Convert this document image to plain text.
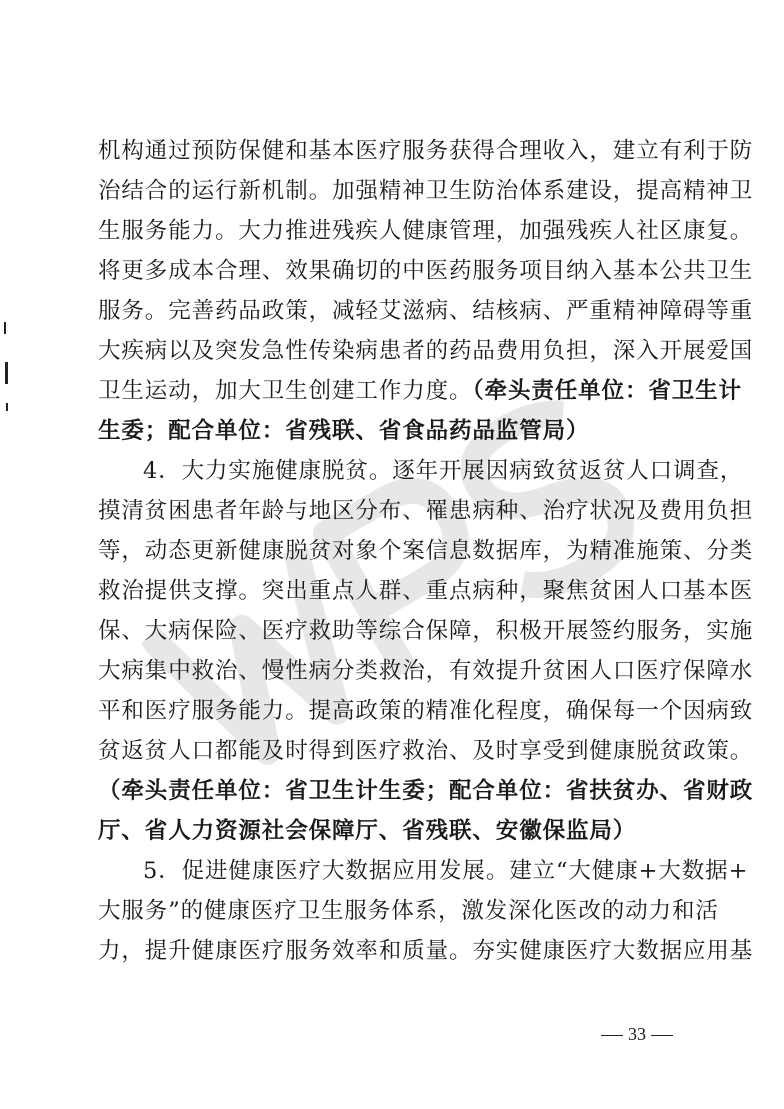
机构通过预防保健和基本医疗服务获得合理收入，建立有利于防
治结合的运行新机制。加强精神卫生防治体系建设，提高精神卫
生服务能力。大力推进残疾人健康管理，加强残疾人社区康复。
将更多成本合理、效果确切的中医药服务项目纳入基本公共卫生
服务。完善药品政策，减轻艾滋病、结核病、严重精神障碍等重
大疾病以及突发急性传染病患者的药品费用负担，深入开展爱国
卫生运动，加大卫生创建工作力度。（牵头责任单位：省卫生计
生委；配合单位：省残联、省食品药品监管局）
4．大力实施健康脱贫。逐年开展因病致贫返贫人口调查，
摸清贫困患者年龄与地区分布、罹患病种、治疗状况及费用负担
等，动态更新健康脱贫对象个案信息数据库，为精准施策、分类
救治提供支撑。突出重点人群、重点病种，聚焦贫困人口基本医
保、大病保险、医疗救助等综合保障，积极开展签约服务，实施
大病集中救治、慢性病分类救治，有效提升贫困人口医疗保障水
平和医疗服务能力。提高政策的精准化程度，确保每一个因病致
贫返贫人口都能及时得到医疗救治、及时享受到健康脱贫政策。
（牵头责任单位：省卫生计生委；配合单位：省扶贫办、省财政
厅、省人力资源社会保障厅、省残联、安徽保监局）
5．促进健康医疗大数据应用发展。建立“大健康+大数据+
大服务”的健康医疗卫生服务体系，激发深化医改的动力和活
力，提升健康医疗服务效率和质量。夯实健康医疗大数据应用基
33
